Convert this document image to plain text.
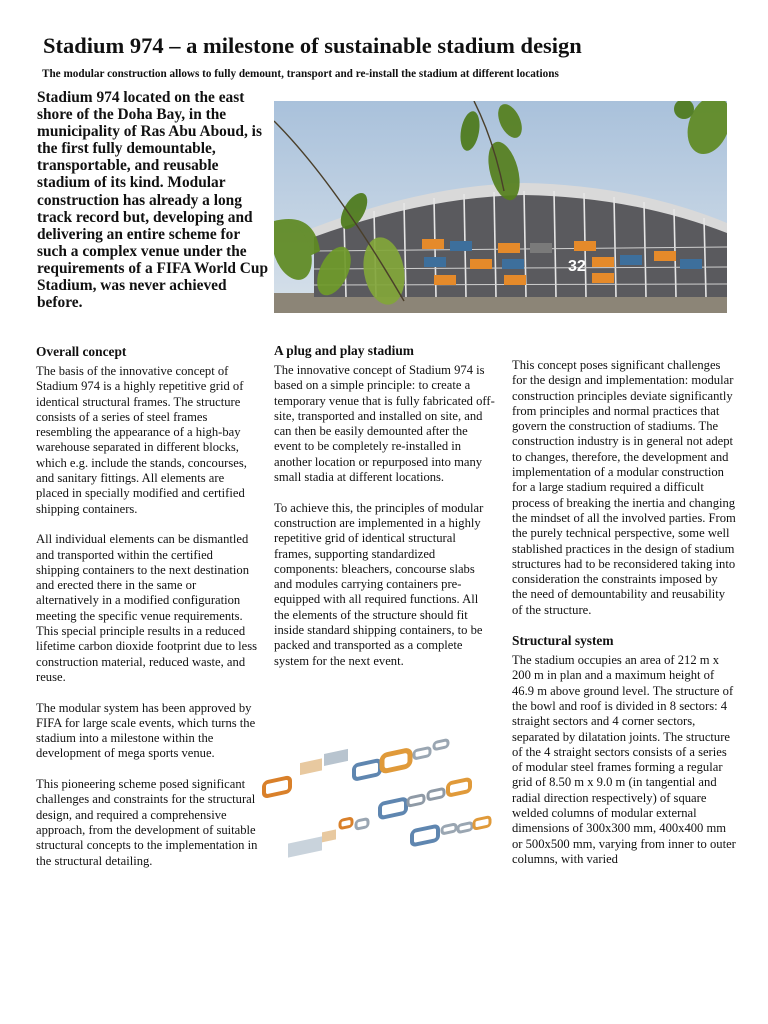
Stadium 974 – a milestone of sustainable stadium design

The modular construction allows to fully demount, transport and re-install the stadium at different locations

Stadium 974 located on the east shore of the Doha Bay, in the municipality of Ras Abu Aboud, is the first fully demountable, transportable, and reusable stadium of its kind. Modular construction has already a long track record but, developing and delivering an entire scheme for such a complex venue under the requirements of a FIFA World Cup Stadium, was never achieved before.

32
Overall concept

The basis of the innovative concept of Stadium 974 is a highly repetitive grid of identical structural frames. The structure consists of a series of steel frames resembling the appearance of a high-bay warehouse separated in different blocks, which e.g. include the stands, concourses, and sanitary fittings. All elements are placed in specially modified and certified shipping containers.

All individual elements can be dismantled and transported within the certified shipping containers to the next destination and erected there in the same or alternatively in a modified configuration meeting the specific venue requirements. This special principle results in a reduced lifetime carbon dioxide footprint due to less construction material, reduced waste, and reuse.

The modular system has been approved by FIFA for large scale events, which turns the stadium into a milestone within the development of mega sports venue.

This pioneering scheme posed significant challenges and constraints for the structural design, and required a comprehensive approach, from the development of suitable structural concepts to the implementation in the structural detailing.

A plug and play stadium

The innovative concept of Stadium 974 is based on a simple principle: to create a temporary venue that is fully fabricated off-site, transported and installed on site, and can then be easily demounted after the event to be completely re-installed in another location or repurposed into many small stadia at different locations.

To achieve this, the principles of modular construction are implemented in a highly repetitive grid of identical structural frames, supporting standardized components: bleachers, concourse slabs and modules carrying containers pre-equipped with all required functions. All the elements of the structure should fit inside standard shipping containers, to be packed and transported as a complete system for the next event.

This concept poses significant challenges for the design and implementation: modular construction principles deviate significantly from principles and normal practices that govern the construction of stadiums. The construction industry is in general not adept to changes, therefore, the development and implementation of a modular construction for a large stadium required a difficult process of breaking the inertia and changing the mindset of all the involved parties. From the purely technical perspective, some well stablished practices in the design of stadium structures had to be reconsidered taking into consideration the constraints imposed by the need of demountability and reusability of the structure.

Structural system

The stadium occupies an area of 212 m x 200 m in plan and a maximum height of 46.9 m above ground level. The structure of the bowl and roof is divided in 8 sectors: 4 straight sectors and 4 corner sectors, separated by dilatation joints. The structure of the 4 straight sectors consists of a series of modular steel frames forming a regular grid of 8.50 m x 9.0 m (in tangential and radial direction respectively) of square welded columns of modular external dimensions of 300x300 mm, 400x400 mm or 500x500 mm, varying from inner to outer columns, with varied
